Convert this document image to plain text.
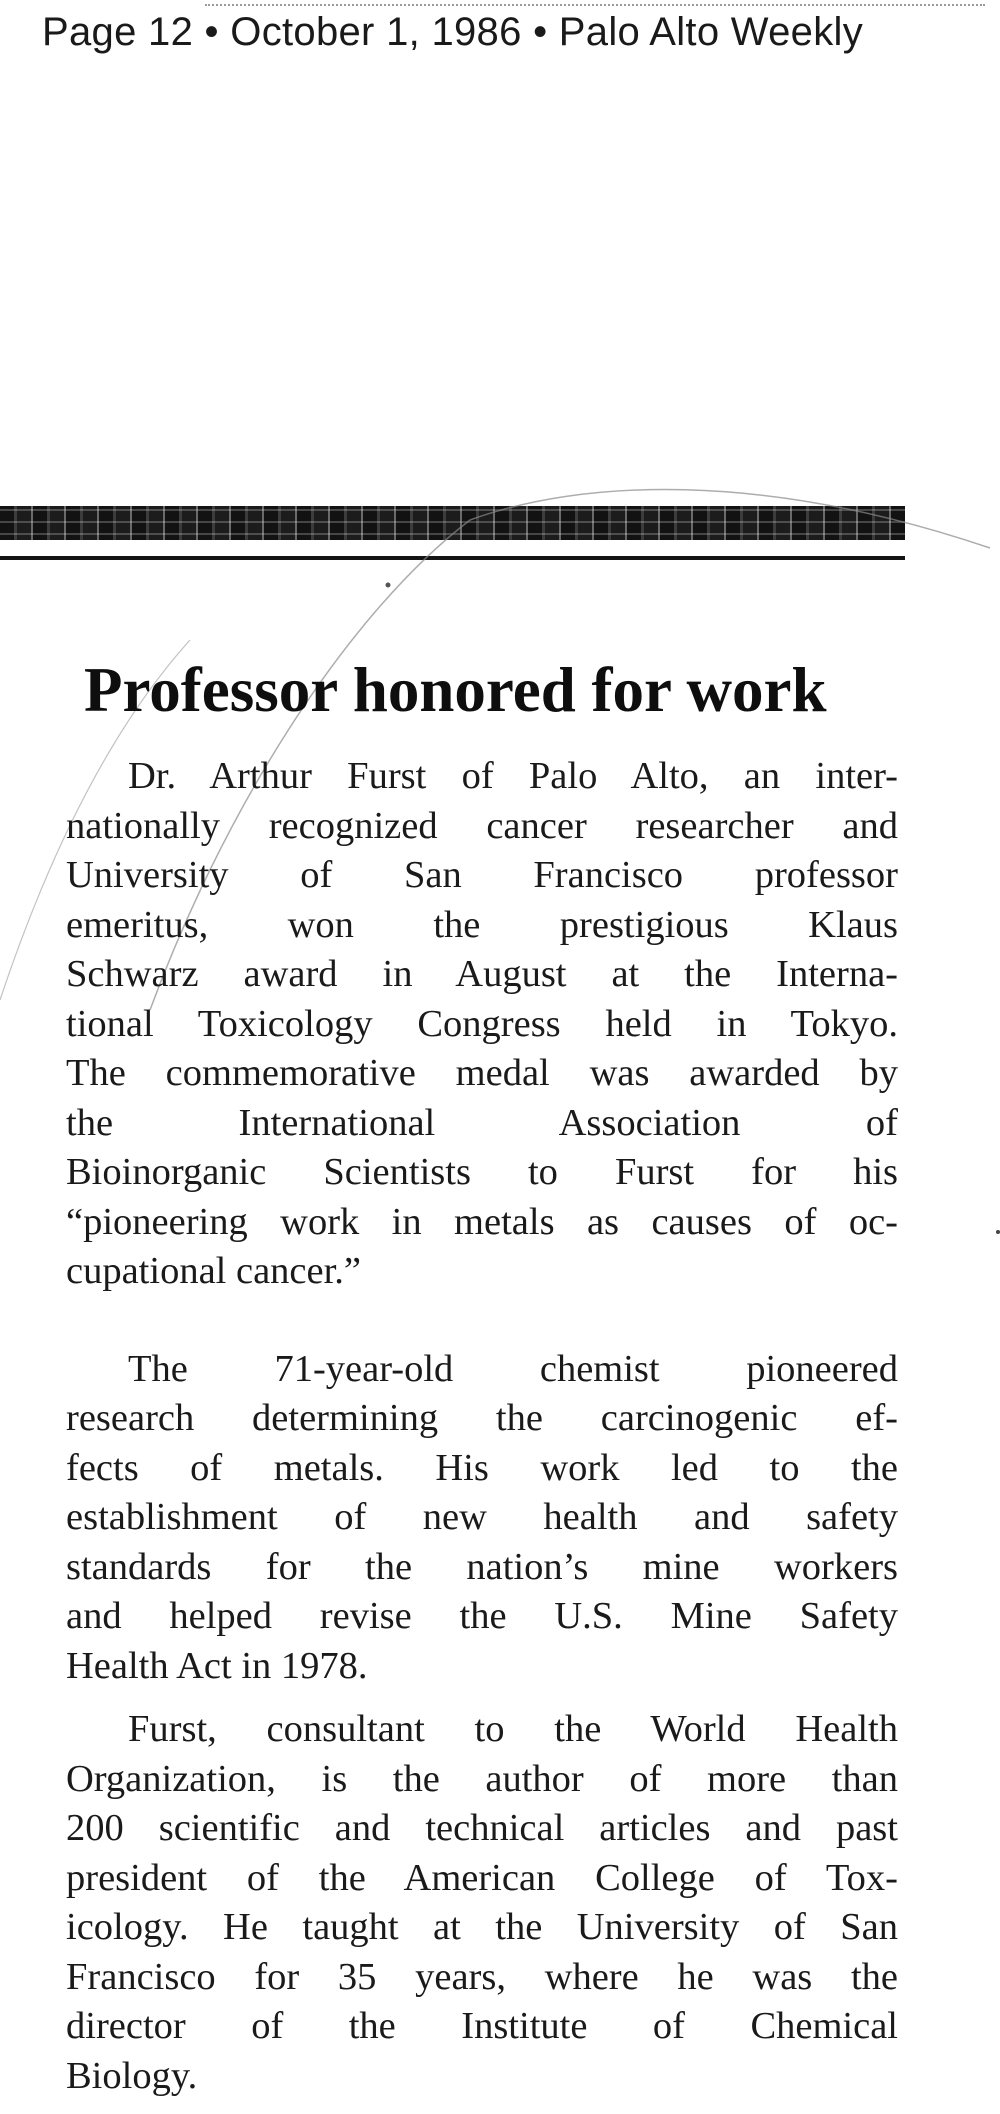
Page 12 • October 1, 1986 • Palo Alto Weekly
Professor honored for work

Dr. Arthur Furst of Palo Alto, an inter-
nationally recognized cancer researcher and
University of San Francisco professor
emeritus, won the prestigious Klaus
Schwarz award in August at the Interna-
tional Toxicology Congress held in Tokyo.
The commemorative medal was awarded by
the International Association of
Bioinorganic Scientists to Furst for his
“pioneering work in metals as causes of oc-
cupational cancer.”

The 71-year-old chemist pioneered
research determining the carcinogenic ef-
fects of metals. His work led to the
establishment of new health and safety
standards for the nation’s mine workers
and helped revise the U.S. Mine Safety
Health Act in 1978.

Furst, consultant to the World Health
Organization, is the author of more than
200 scientific and technical articles and past
president of the American College of Tox-
icology. He taught at the University of San
Francisco for 35 years, where he was the
director of the Institute of Chemical
Biology.
